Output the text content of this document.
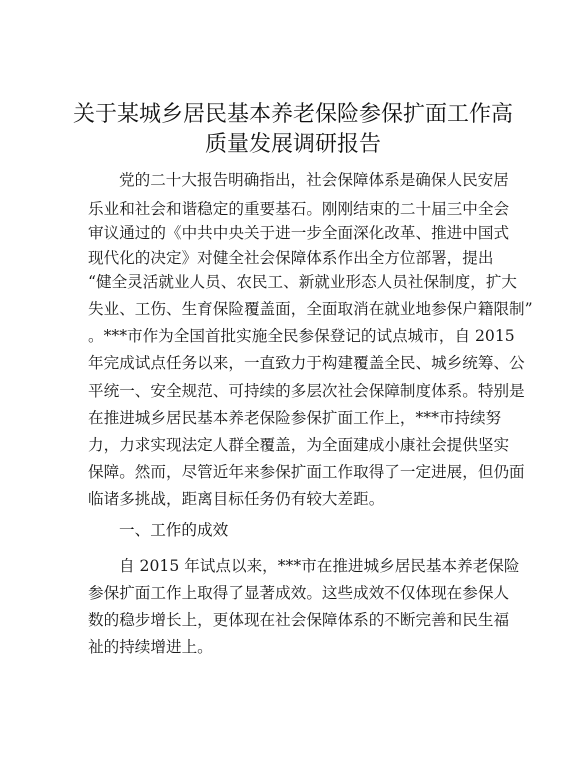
关于某城乡居民基本养老保险参保扩面工作高
质量发展调研报告
党的二十大报告明确指出，社会保障体系是确保人民安居
乐业和社会和谐稳定的重要基石。刚刚结束的二十届三中全会
审议通过的《中共中央关于进一步全面深化改革、推进中国式
现代化的决定》对健全社会保障体系作出全方位部署，提出
“健全灵活就业人员、农民工、新就业形态人员社保制度，扩大
失业、工伤、生育保险覆盖面，全面取消在就业地参保户籍限制”
。***市作为全国首批实施全民参保登记的试点城市，自 2015
年完成试点任务以来，一直致力于构建覆盖全民、城乡统筹、公
平统一、安全规范、可持续的多层次社会保障制度体系。特别是
在推进城乡居民基本养老保险参保扩面工作上，***市持续努
力，力求实现法定人群全覆盖，为全面建成小康社会提供坚实
保障。然而，尽管近年来参保扩面工作取得了一定进展，但仍面
临诸多挑战，距离目标任务仍有较大差距。
一、工作的成效
自 2015 年试点以来，***市在推进城乡居民基本养老保险
参保扩面工作上取得了显著成效。这些成效不仅体现在参保人
数的稳步增长上，更体现在社会保障体系的不断完善和民生福
祉的持续增进上。
